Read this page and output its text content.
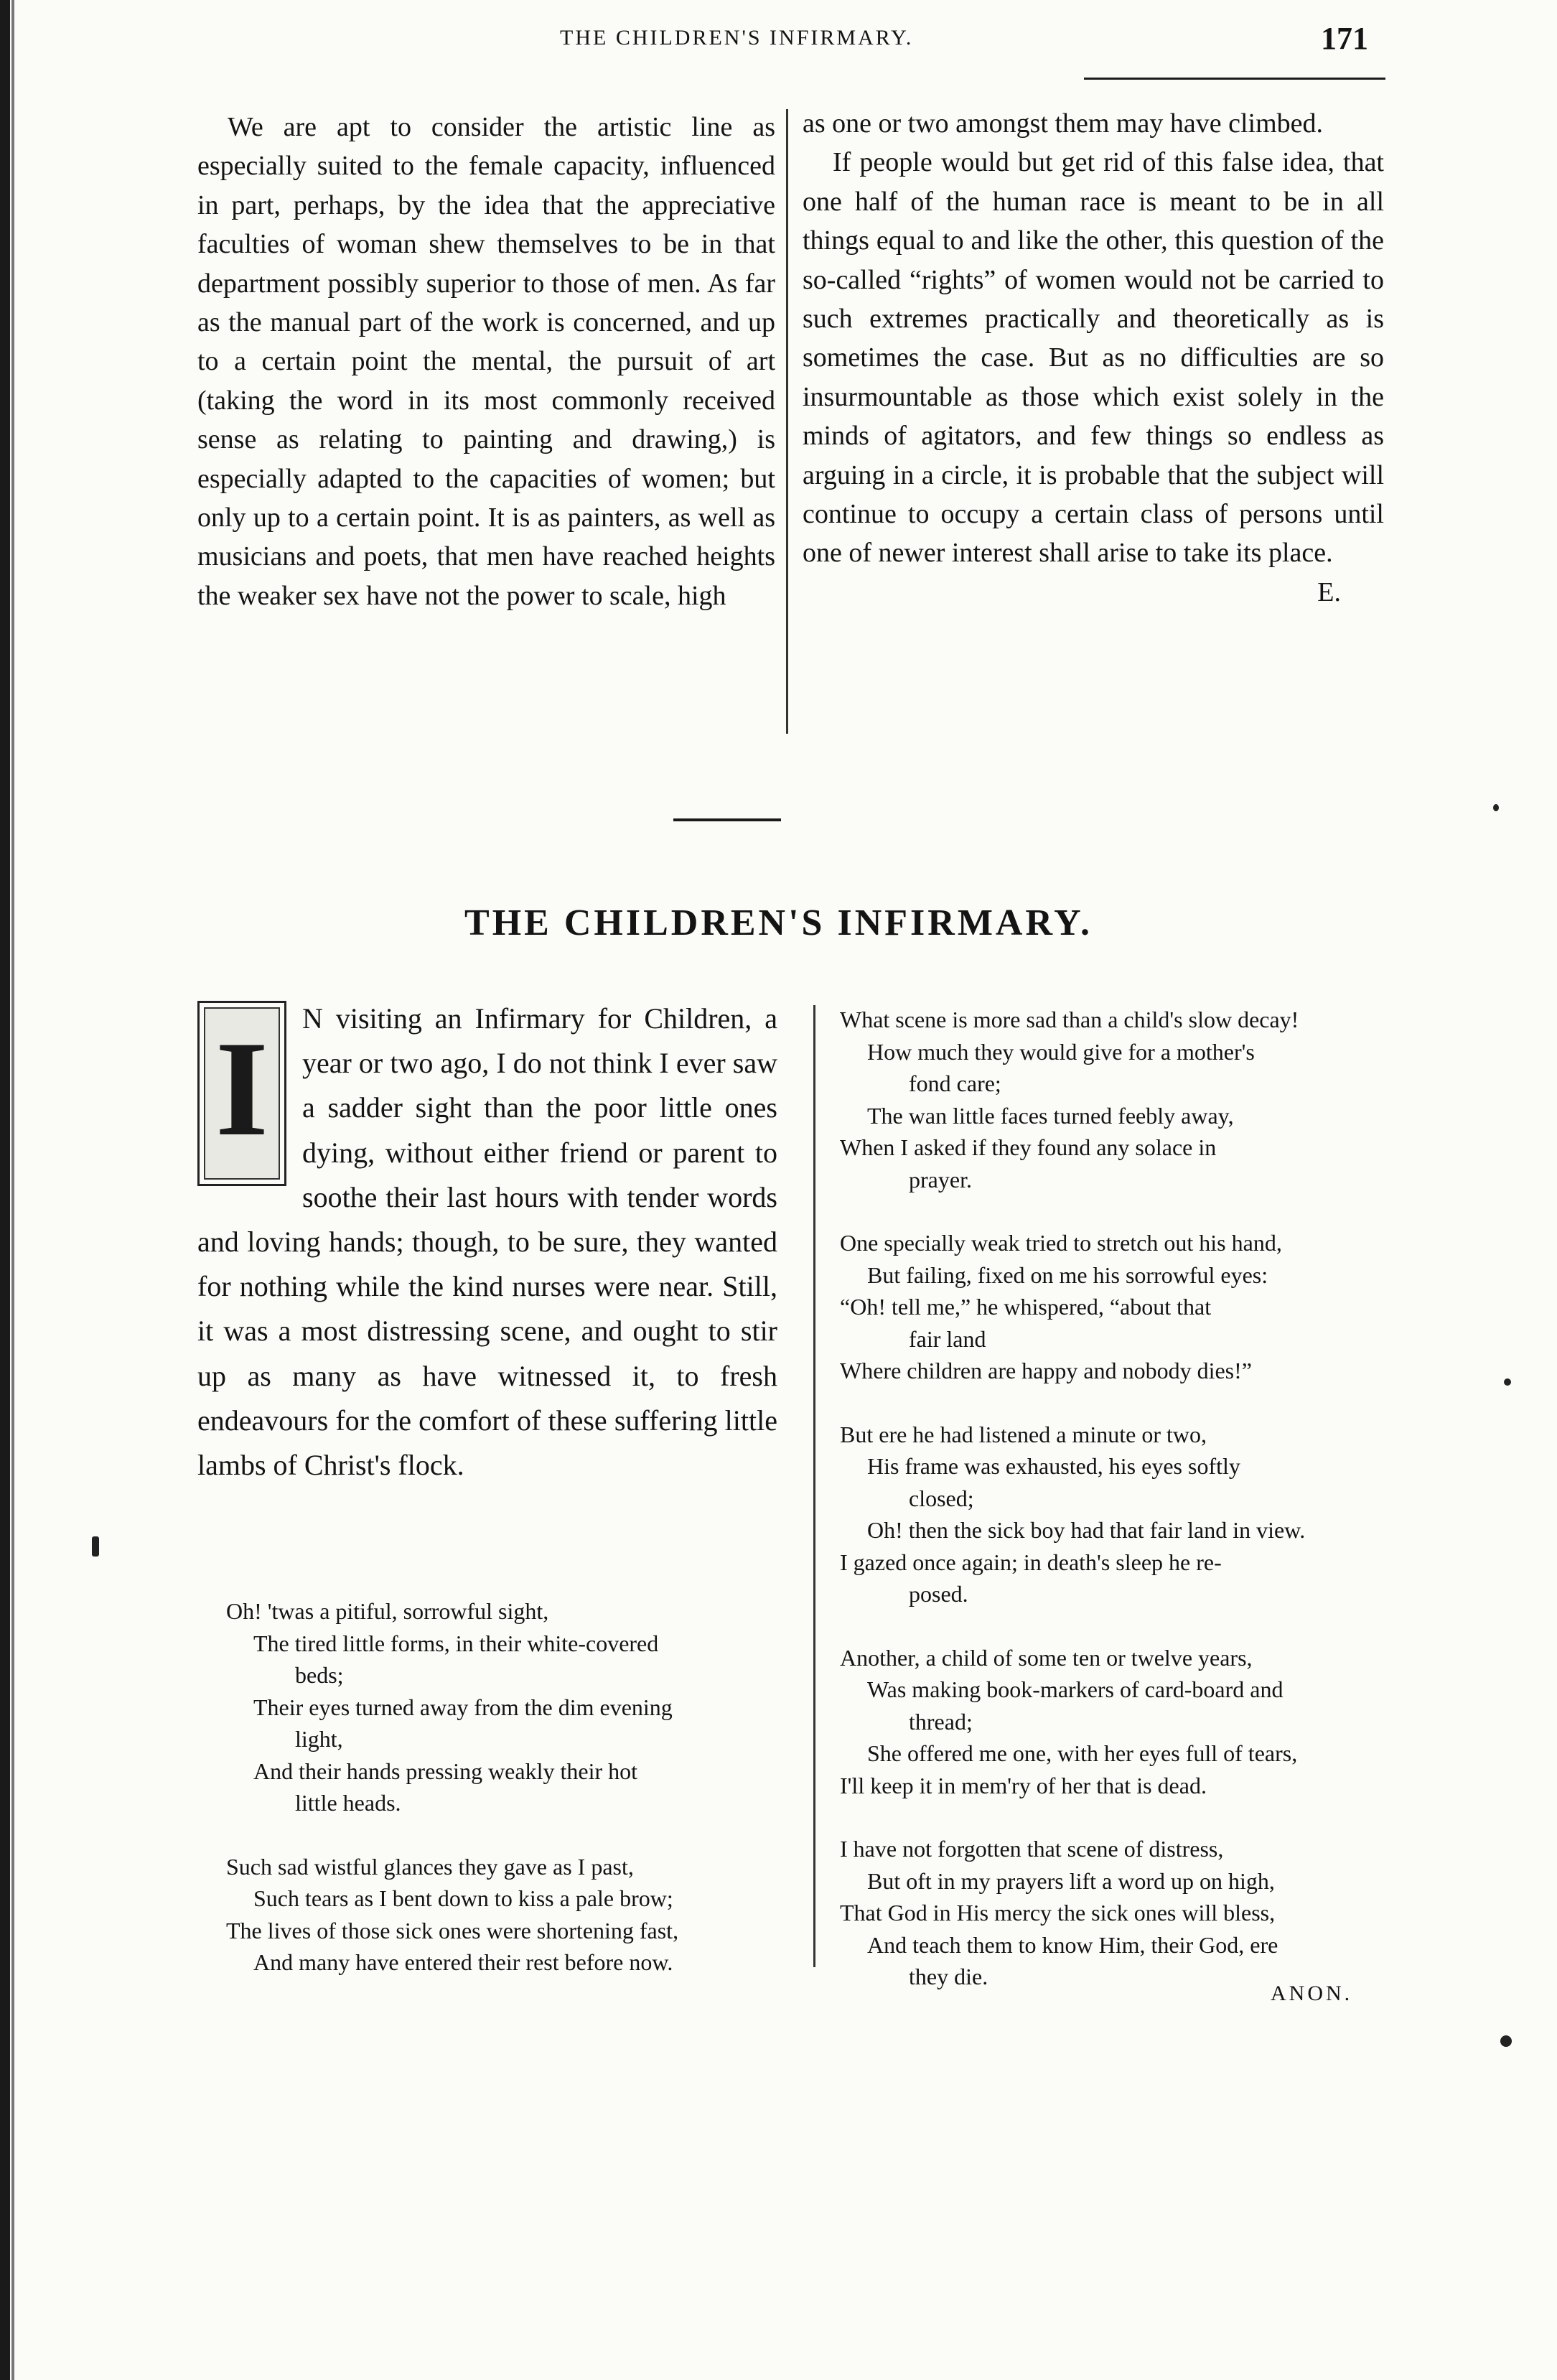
THE CHILDREN'S INFIRMARY.	171

We are apt to consider the artistic line as especially suited to the female capacity, influenced in part, perhaps, by the idea that the appreciative faculties of woman shew themselves to be in that department possibly superior to those of men. As far as the manual part of the work is concerned, and up to a certain point the mental, the pursuit of art (taking the word in its most commonly received sense as relating to painting and drawing,) is especially adapted to the capacities of women; but only up to a certain point. It is as painters, as well as musicians and poets, that men have reached heights the weaker sex have not the power to scale, high

as one or two amongst them may have climbed.

If people would but get rid of this false idea, that one half of the human race is meant to be in all things equal to and like the other, this question of the so-called “rights” of women would not be carried to such extremes practically and theoretically as is sometimes the case. But as no difficulties are so insurmountable as those which exist solely in the minds of agitators, and few things so endless as arguing in a circle, it is probable that the subject will continue to occupy a certain class of persons until one of newer interest shall arise to take its place.
E.

THE CHILDREN'S INFIRMARY.

I	N visiting an Infirmary for Children, a year or two ago, I do not think I ever saw a sadder sight than the poor little ones dying, without either friend or parent to soothe their last hours with tender words and loving hands; though, to be sure, they wanted for nothing while the kind nurses were near. Still, it was a most distressing scene, and ought to stir up as many as have witnessed it, to fresh endeavours for the comfort of these suffering little lambs of Christ's flock.

Oh! 'twas a pitiful, sorrowful sight,
The tired little forms, in their white-covered
beds;
Their eyes turned away from the dim evening
light,
And their hands pressing weakly their hot
little heads.
Such sad wistful glances they gave as I past,
Such tears as I bent down to kiss a pale brow;
The lives of those sick ones were shortening fast,
And many have entered their rest before now.
What scene is more sad than a child's slow decay!
How much they would give for a mother's
fond care;
The wan little faces turned feebly away,
When I asked if they found any solace in
prayer.
One specially weak tried to stretch out his hand,
But failing, fixed on me his sorrowful eyes:
“Oh! tell me,” he whispered, “about that
fair land
Where children are happy and nobody dies!”
But ere he had listened a minute or two,
His frame was exhausted, his eyes softly
closed;
Oh! then the sick boy had that fair land in view.
I gazed once again; in death's sleep he re-
posed.
Another, a child of some ten or twelve years,
Was making book-markers of card-board and
thread;
She offered me one, with her eyes full of tears,
I'll keep it in mem'ry of her that is dead.
I have not forgotten that scene of distress,
But oft in my prayers lift a word up on high,
That God in His mercy the sick ones will bless,
And teach them to know Him, their God, ere
they die.
ANON.
